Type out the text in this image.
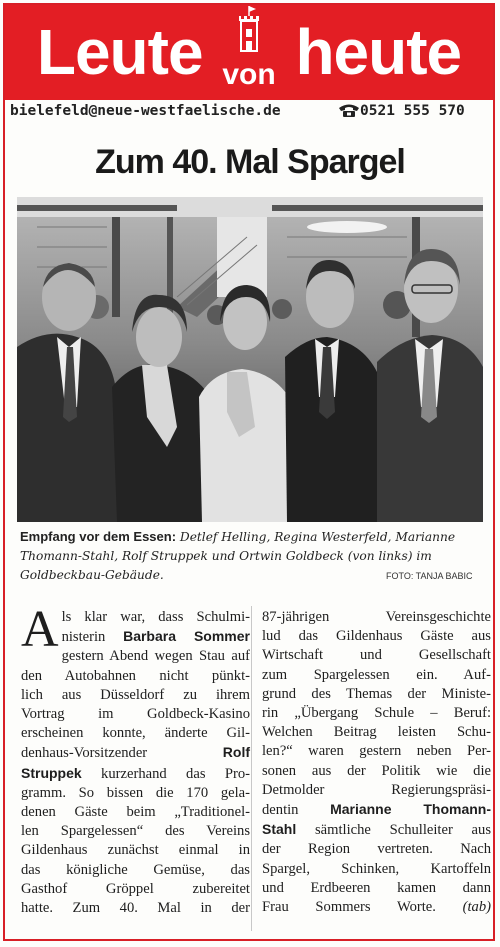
Leute von heute
bielefeld@neue-westfaelische.de	0521 555 570
Zum 40. Mal Spargel
Empfang vor dem Essen: Detlef Helling, Regina Westerfeld, Marianne Thomann-Stahl, Rolf Struppek und Ortwin Goldbeck (von links) im Goldbeckbau-Gebäude.	FOTO: TANJA BABIC
A ls klar war, dass Schulmi-
nisterin Barbara Sommer
gestern Abend wegen Stau auf
den Autobahnen nicht pünkt-
lich aus Düsseldorf zu ihrem
Vortrag im Goldbeck-Kasino
erscheinen konnte, änderte Gil-
denhaus-Vorsitzender Rolf
Struppek kurzerhand das Pro-
gramm. So bissen die 170 gela-
denen Gäste beim „Traditionel-
len Spargelessen“ des Vereins
Gildenhaus zunächst einmal in
das königliche Gemüse, das
Gasthof Gröppel zubereitet
hatte. Zum 40. Mal in der
87-jährigen Vereinsgeschichte
lud das Gildenhaus Gäste aus
Wirtschaft und Gesellschaft
zum Spargelessen ein. Auf-
grund des Themas der Ministe-
rin „Übergang Schule – Beruf:
Welchen Beitrag leisten Schu-
len?“ waren gestern neben Per-
sonen aus der Politik wie die
Detmolder Regierungspräsi-
dentin Marianne Thomann-
Stahl sämtliche Schulleiter aus
der Region vertreten. Nach
Spargel, Schinken, Kartoffeln
und Erdbeeren kamen dann
Frau Sommers Worte. (tab)
